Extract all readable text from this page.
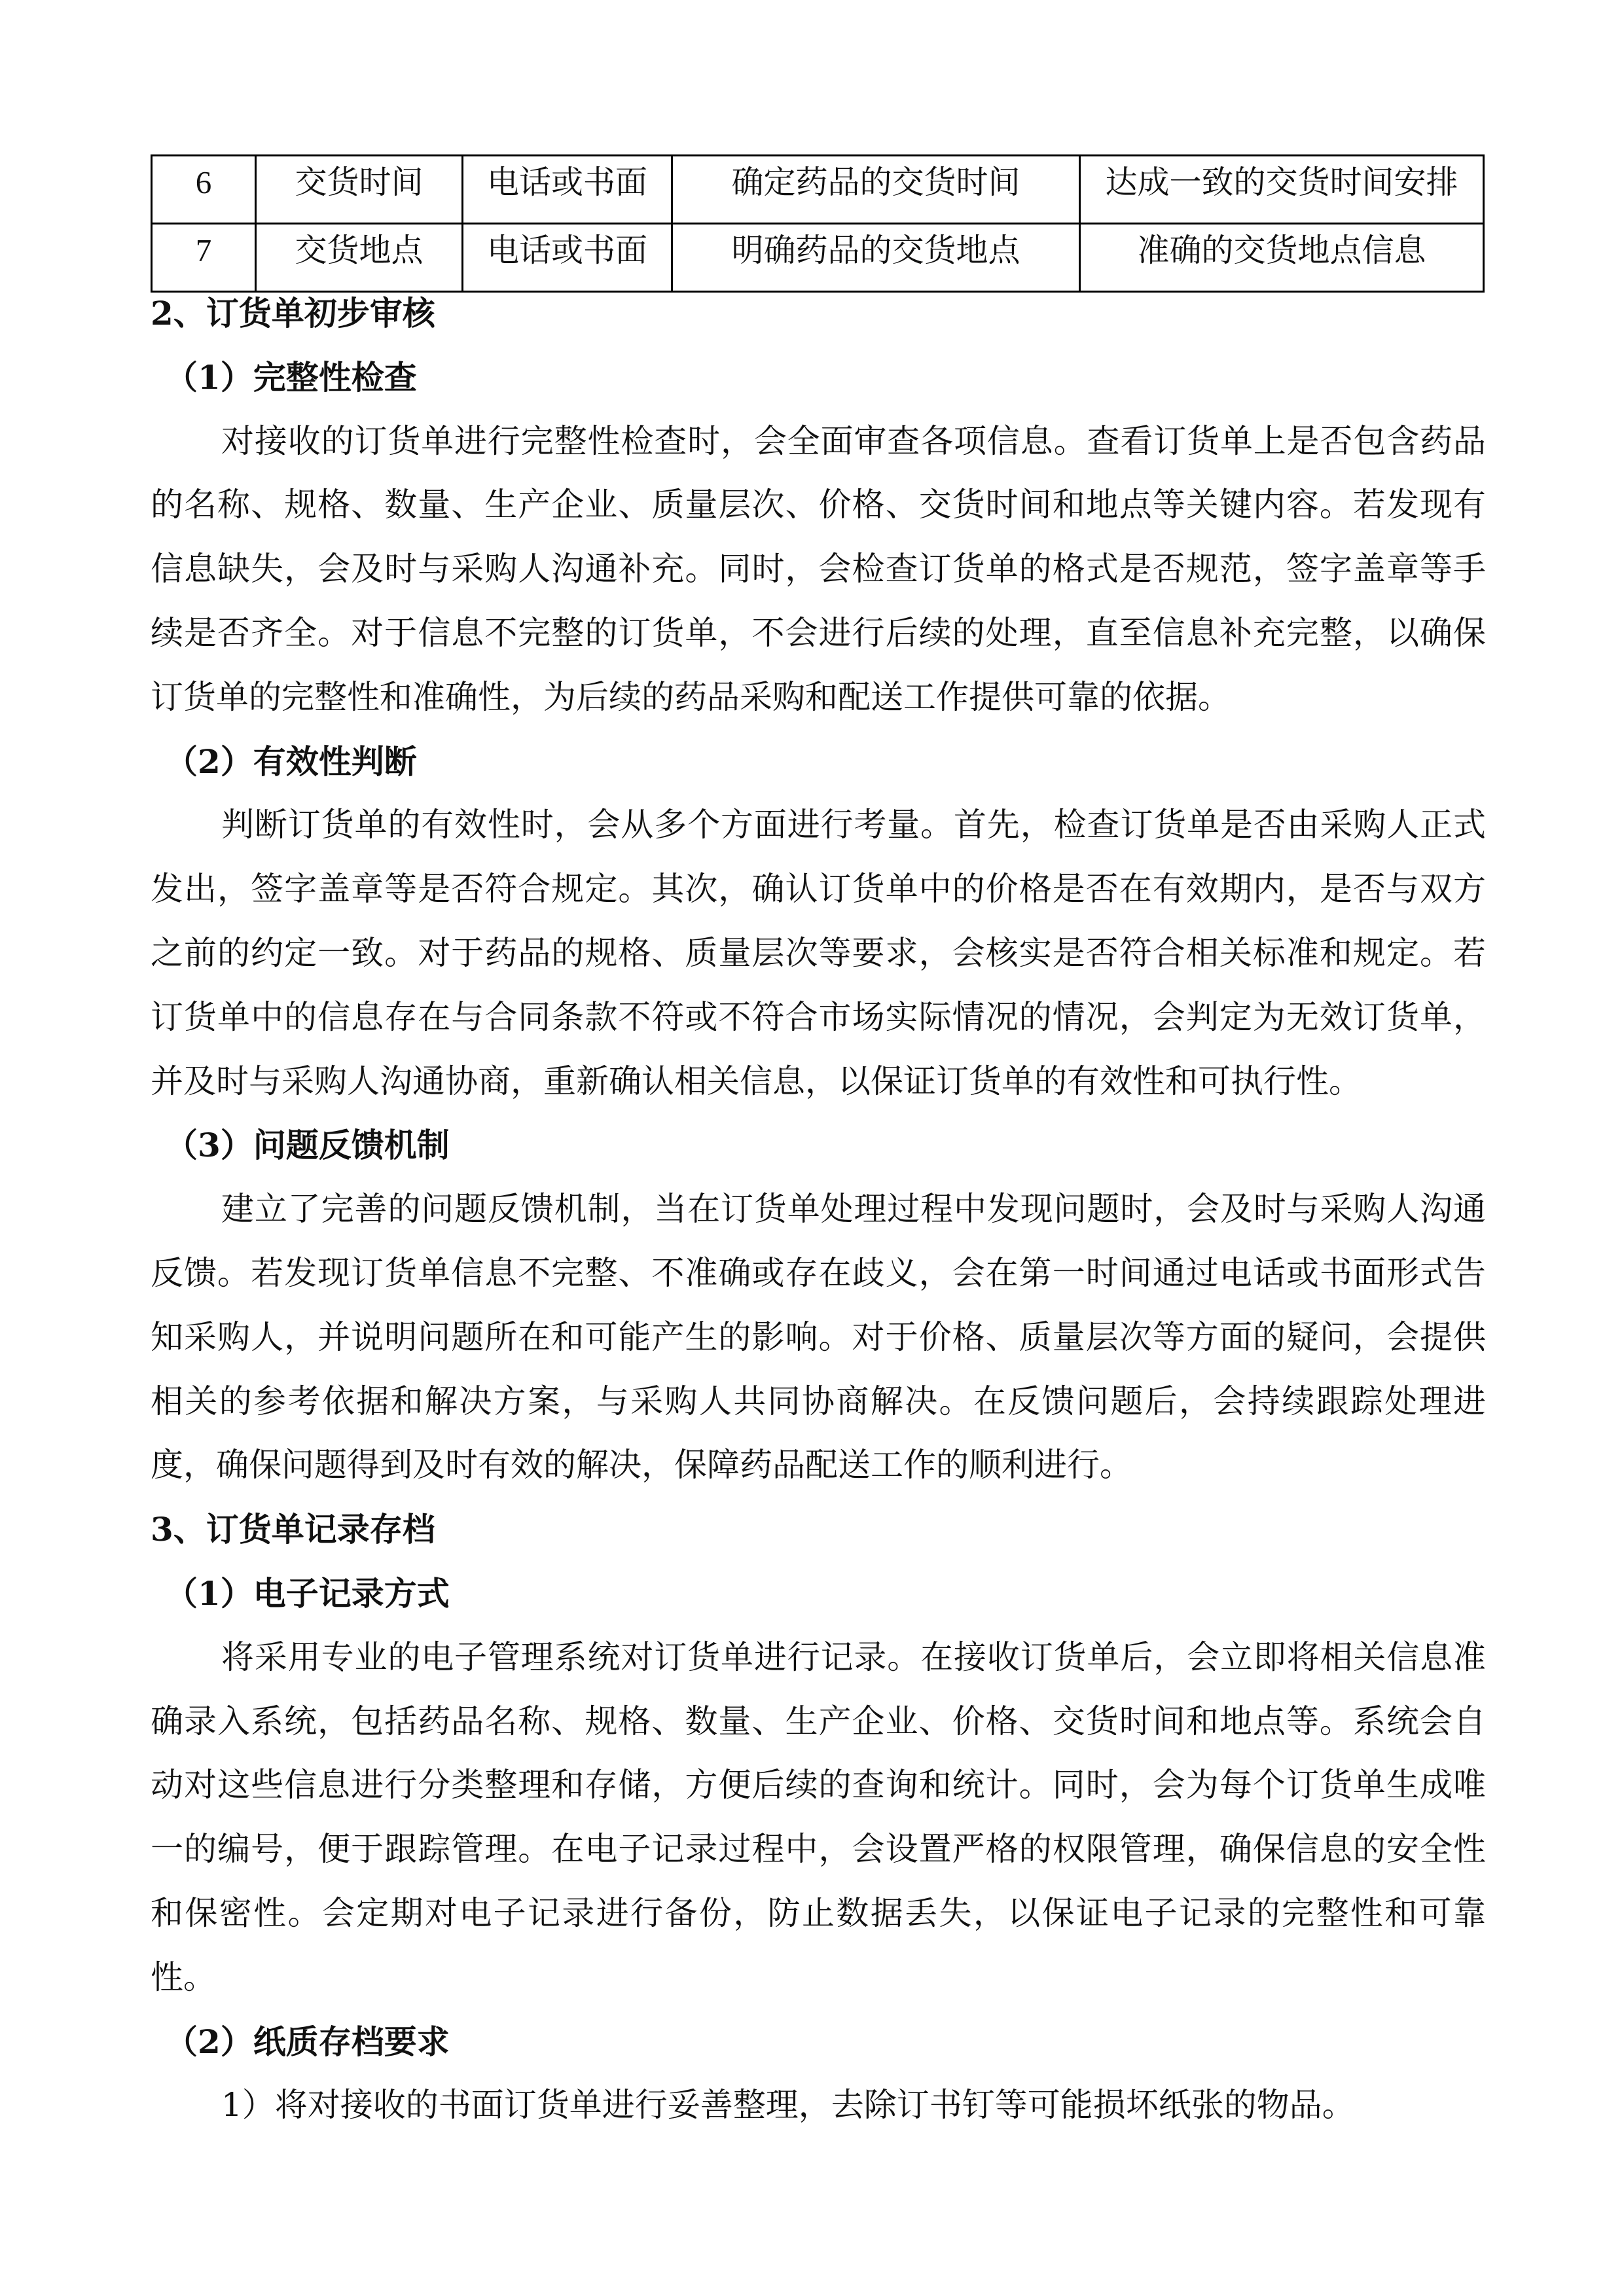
6	交货时间	电话或书面	确定药品的交货时间	达成一致的交货时间安排
7	交货地点	电话或书面	明确药品的交货地点	准确的交货地点信息
2、订货单初步审核
（1）完整性检查
对接收的订货单进行完整性检查时，会全面审查各项信息。查看订货单上是否包含药品
的名称、规格、数量、生产企业、质量层次、价格、交货时间和地点等关键内容。若发现有
信息缺失，会及时与采购人沟通补充。同时，会检查订货单的格式是否规范，签字盖章等手
续是否齐全。对于信息不完整的订货单，不会进行后续的处理，直至信息补充完整，以确保
订货单的完整性和准确性，为后续的药品采购和配送工作提供可靠的依据。
（2）有效性判断
判断订货单的有效性时，会从多个方面进行考量。首先，检查订货单是否由采购人正式
发出，签字盖章等是否符合规定。其次，确认订货单中的价格是否在有效期内，是否与双方
之前的约定一致。对于药品的规格、质量层次等要求，会核实是否符合相关标准和规定。若
订货单中的信息存在与合同条款不符或不符合市场实际情况的情况，会判定为无效订货单，
并及时与采购人沟通协商，重新确认相关信息，以保证订货单的有效性和可执行性。
（3）问题反馈机制
建立了完善的问题反馈机制，当在订货单处理过程中发现问题时，会及时与采购人沟通
反馈。若发现订货单信息不完整、不准确或存在歧义，会在第一时间通过电话或书面形式告
知采购人，并说明问题所在和可能产生的影响。对于价格、质量层次等方面的疑问，会提供
相关的参考依据和解决方案，与采购人共同协商解决。在反馈问题后，会持续跟踪处理进
度，确保问题得到及时有效的解决，保障药品配送工作的顺利进行。
3、订货单记录存档
（1）电子记录方式
将采用专业的电子管理系统对订货单进行记录。在接收订货单后，会立即将相关信息准
确录入系统，包括药品名称、规格、数量、生产企业、价格、交货时间和地点等。系统会自
动对这些信息进行分类整理和存储，方便后续的查询和统计。同时，会为每个订货单生成唯
一的编号，便于跟踪管理。在电子记录过程中，会设置严格的权限管理，确保信息的安全性
和保密性。会定期对电子记录进行备份，防止数据丢失，以保证电子记录的完整性和可靠
性。
（2）纸质存档要求
1）将对接收的书面订货单进行妥善整理，去除订书钉等可能损坏纸张的物品。
